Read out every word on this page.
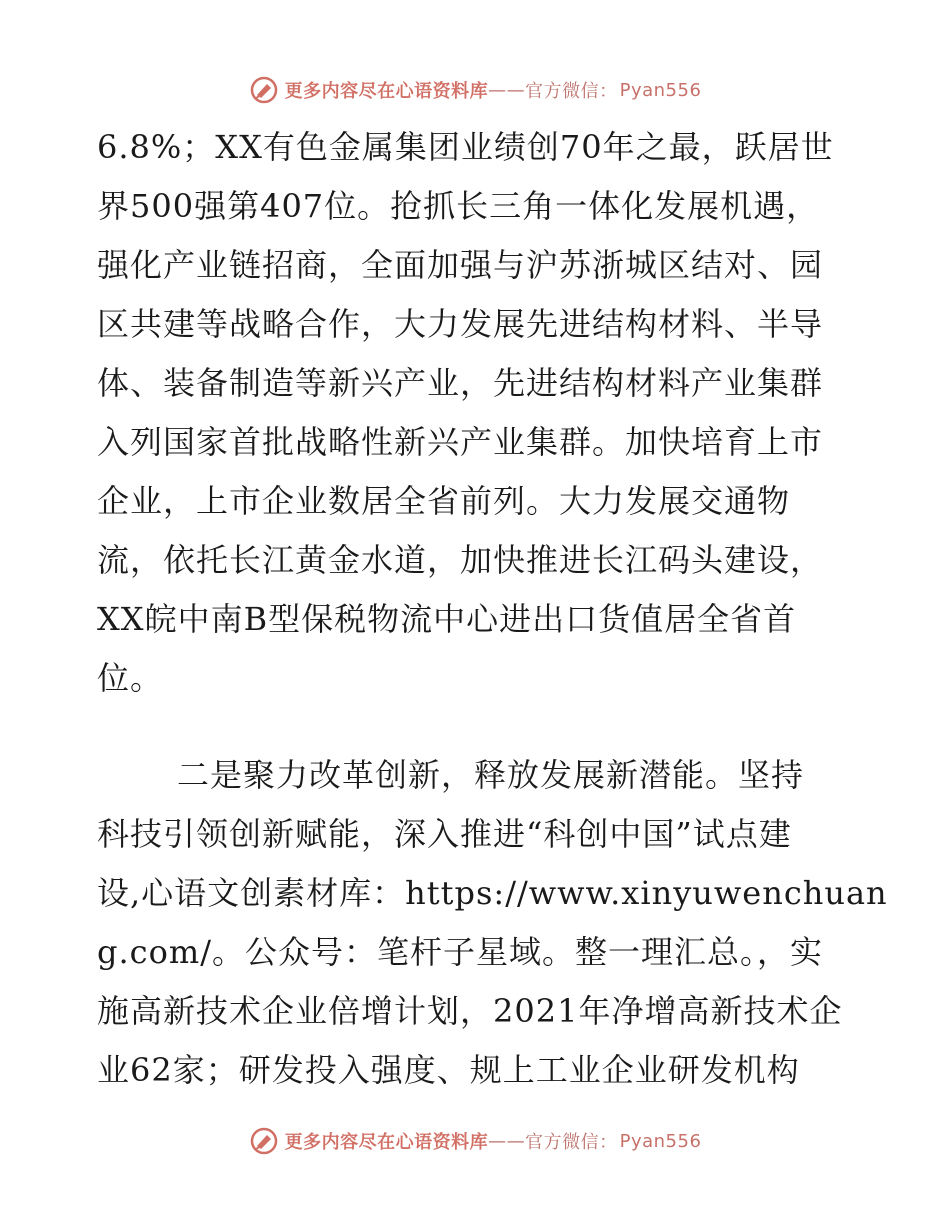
更多内容尽在心语资料库 —— 官方微信： Pyan556
6.8%；XX有色金属集团业绩创70年之最，跃居世
界500强第407位。抢抓长三角一体化发展机遇，
强化产业链招商，全面加强与沪苏浙城区结对、园
区共建等战略合作，大力发展先进结构材料、半导
体、装备制造等新兴产业，先进结构材料产业集群
入列国家首批战略性新兴产业集群。加快培育上市
企业，上市企业数居全省前列。大力发展交通物
流，依托长江黄金水道，加快推进长江码头建设，
XX皖中南B型保税物流中心进出口货值居全省首
位。
二是聚力改革创新，释放发展新潜能。坚持
科技引领创新赋能，深入推进“科创中国”试点建
设,心语文创素材库：https://www.xinyuwenchuan
g.com/。公众号：笔杆子星域。整一理汇总。，实
施高新技术企业倍增计划，2021年净增高新技术企
业62家；研发投入强度、规上工业企业研发机构
更多内容尽在心语资料库 —— 官方微信： Pyan556
